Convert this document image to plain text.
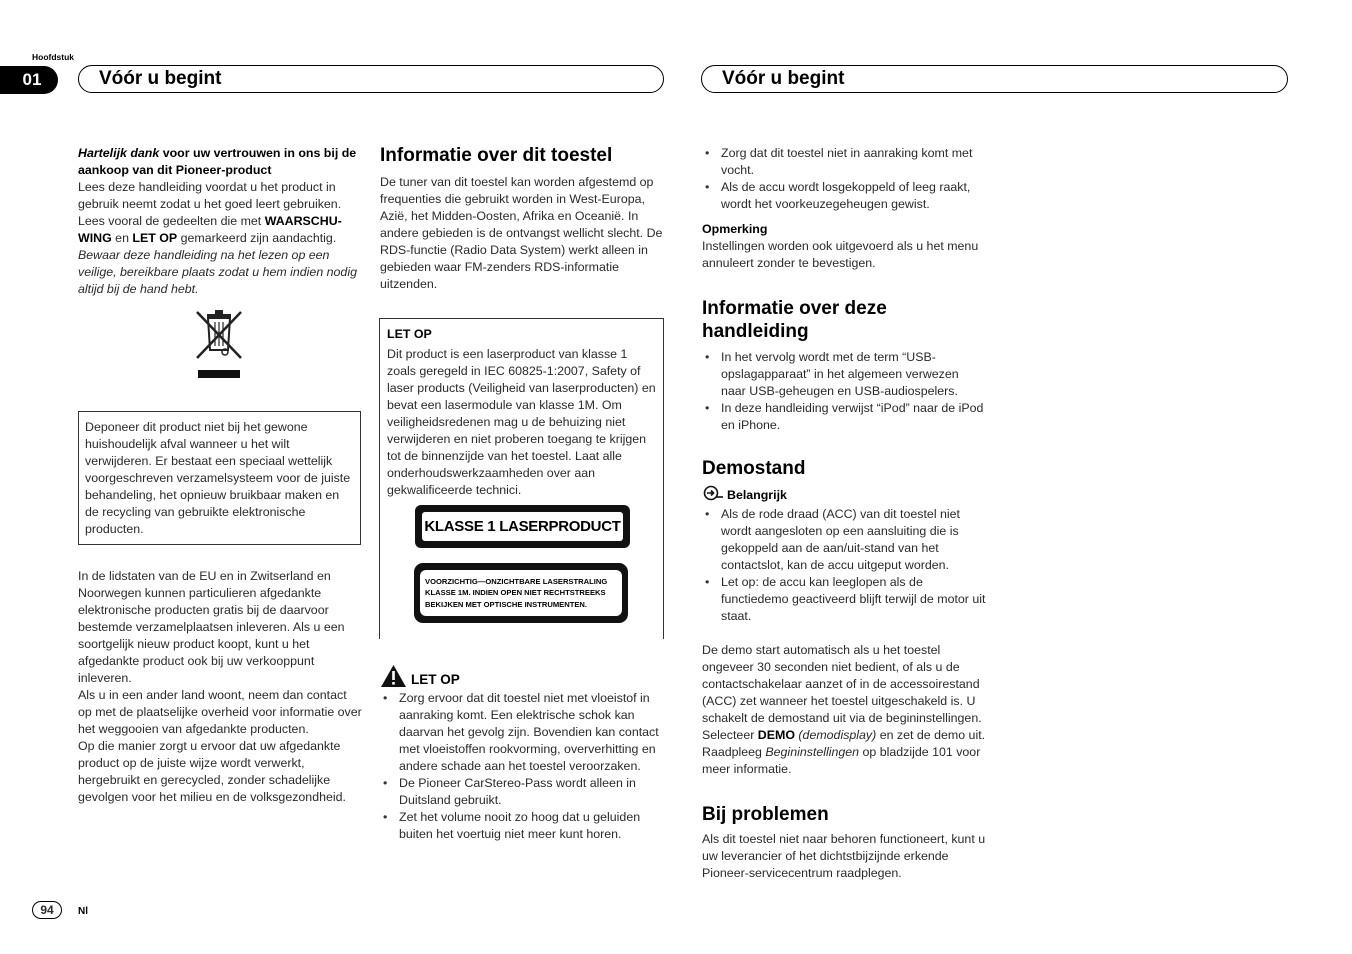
Hoofdstuk
01	Vóór u begint	Vóór u begint

Hartelijk dank voor uw vertrouwen in ons bij de aankoop van dit Pioneer-product

Lees deze handleiding voordat u het product in gebruik neemt zodat u het goed leert gebruiken. Lees vooral de gedeelten die met WAARSCHU-WING en LET OP gemarkeerd zijn aandachtig.

Bewaar deze handleiding na het lezen op een veilige, bereikbare plaats zodat u hem indien nodig altijd bij de hand hebt.

Deponeer dit product niet bij het gewone huishoudelijk afval wanneer u het wilt verwijderen. Er bestaat een speciaal wettelijk voorgeschreven verzamelsysteem voor de juiste behandeling, het opnieuw bruikbaar maken en de recycling van gebruikte elektronische producten.

In de lidstaten van de EU en in Zwitserland en Noorwegen kunnen particulieren afgedankte elektronische producten gratis bij de daarvoor bestemde verzamelplaatsen inleveren. Als u een soortgelijk nieuw product koopt, kunt u het afgedankte product ook bij uw verkooppunt inleveren.

Als u in een ander land woont, neem dan contact op met de plaatselijke overheid voor informatie over het weggooien van afgedankte producten.

Op die manier zorgt u ervoor dat uw afgedankte product op de juiste wijze wordt verwerkt, hergebruikt en gerecycled, zonder schadelijke gevolgen voor het milieu en de volksgezondheid.

Informatie over dit toestel

De tuner van dit toestel kan worden afgestemd op frequenties die gebruikt worden in West-Europa, Azië, het Midden-Oosten, Afrika en Oceanië. In andere gebieden is de ontvangst wellicht slecht. De RDS-functie (Radio Data System) werkt alleen in gebieden waar FM-zenders RDS-informatie uitzenden.

LET OP

Dit product is een laserproduct van klasse 1 zoals geregeld in IEC 60825-1:2007, Safety of laser products (Veiligheid van laserproducten) en bevat een lasermodule van klasse 1M. Om veiligheidsredenen mag u de behuizing niet verwijderen en niet proberen toegang te krijgen tot de binnenzijde van het toestel. Laat alle onderhoudswerkzaamheden over aan gekwalificeerde technici.

KLASSE 1 LASERPRODUCT
VOORZICHTIG—ONZICHTBARE LASERSTRALING KLASSE 1M. INDIEN OPEN NIET RECHTSTREEKS BEKIJKEN MET OPTISCHE INSTRUMENTEN.
LET OP
• Zorg ervoor dat dit toestel niet met vloeistof in aanraking komt. Een elektrische schok kan daarvan het gevolg zijn. Bovendien kan contact met vloeistoffen rookvorming, oververhitting en andere schade aan het toestel veroorzaken.
• De Pioneer CarStereo-Pass wordt alleen in Duitsland gebruikt.
• Zet het volume nooit zo hoog dat u geluiden buiten het voertuig niet meer kunt horen.
• Zorg dat dit toestel niet in aanraking komt met vocht.
• Als de accu wordt losgekoppeld of leeg raakt, wordt het voorkeuzegeheugen gewist.
Opmerking

Instellingen worden ook uitgevoerd als u het menu annuleert zonder te bevestigen.

Informatie over deze handleiding
• In het vervolg wordt met de term “USB-opslagapparaat” in het algemeen verwezen naar USB-geheugen en USB-audiospelers.
• In deze handleiding verwijst “iPod” naar de iPod en iPhone.
Demostand
Belangrijk
• Als de rode draad (ACC) van dit toestel niet wordt aangesloten op een aansluiting die is gekoppeld aan de aan/uit-stand van het contactslot, kan de accu uitgeput worden.
• Let op: de accu kan leeglopen als de functiedemo geactiveerd blijft terwijl de motor uit staat.

De demo start automatisch als u het toestel ongeveer 30 seconden niet bedient, of als u de contactschakelaar aanzet of in de accessoirestand (ACC) zet wanneer het toestel uitgeschakeld is. U schakelt de demostand uit via de begininstellingen. Selecteer DEMO (demodisplay) en zet de demo uit. Raadpleeg Begininstellingen op bladzijde 101 voor meer informatie.

Bij problemen

Als dit toestel niet naar behoren functioneert, kunt u uw leverancier of het dichtstbijzijnde erkende Pioneer-servicecentrum raadplegen.

94	Nl
